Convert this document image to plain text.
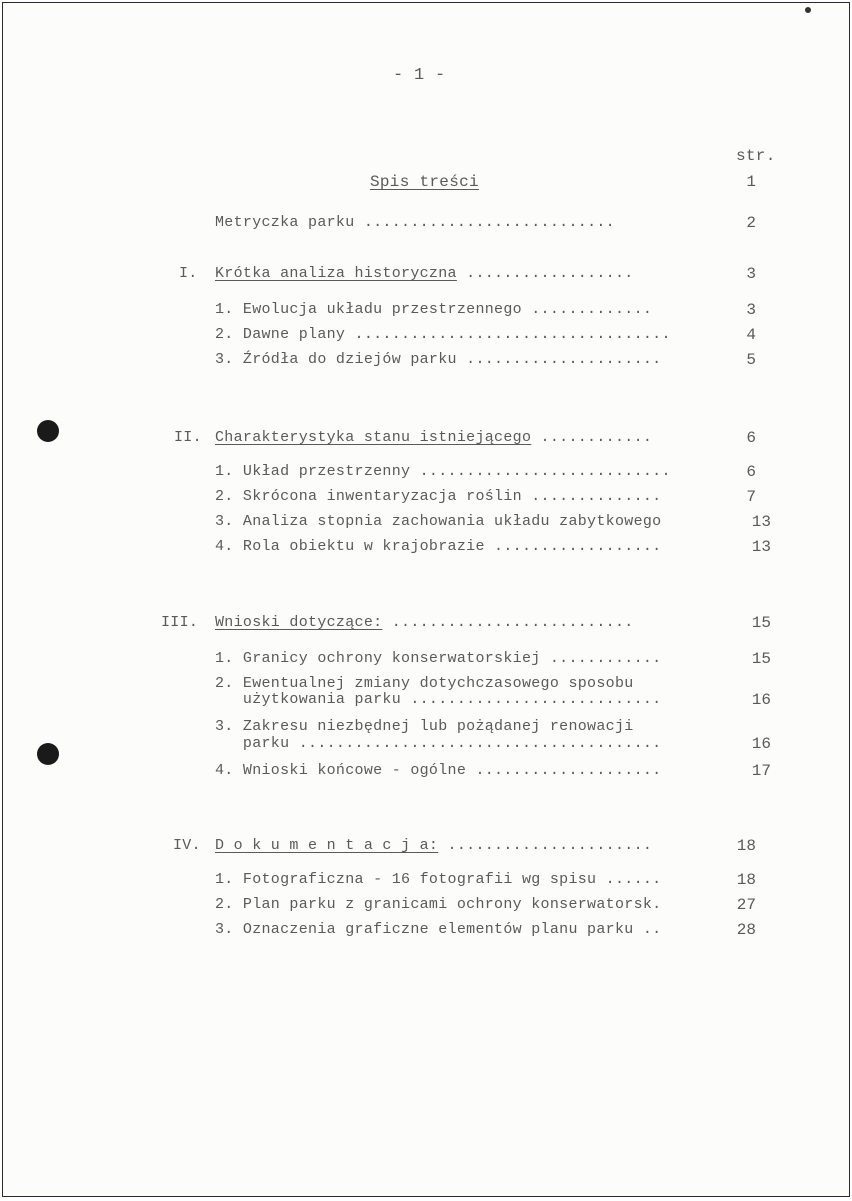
- 1 -
str.
Spis treści	1
Metryczka parku ...........................	2
I. Krótka analiza historyczna ..................	3
1. Ewolucja układu przestrzennego .............	3
2. Dawne plany ..................................	4
3. Źródła do dziejów parku .....................	5
II. Charakterystyka stanu istniejącego ............	6
1. Układ przestrzenny ...........................	6
2. Skrócona inwentaryzacja roślin ..............	7
3. Analiza stopnia zachowania układu zabytkowego	13
4. Rola obiektu w krajobrazie ..................	13
III. Wnioski dotyczące: ..........................	15
1. Granicy ochrony konserwatorskiej ............	15
2. Ewentualnej zmiany dotychczasowego sposobu
użytkowania parku ...........................	16
3. Zakresu niezbędnej lub pożądanej renowacji
parku .......................................	16
4. Wnioski końcowe - ogólne ....................	17
IV. D o k u m e n t a c j a: ......................	18
1. Fotograficzna - 16 fotografii wg spisu ......	18
2. Plan parku z granicami ochrony konserwatorsk.	27
3. Oznaczenia graficzne elementów planu parku ..	28
